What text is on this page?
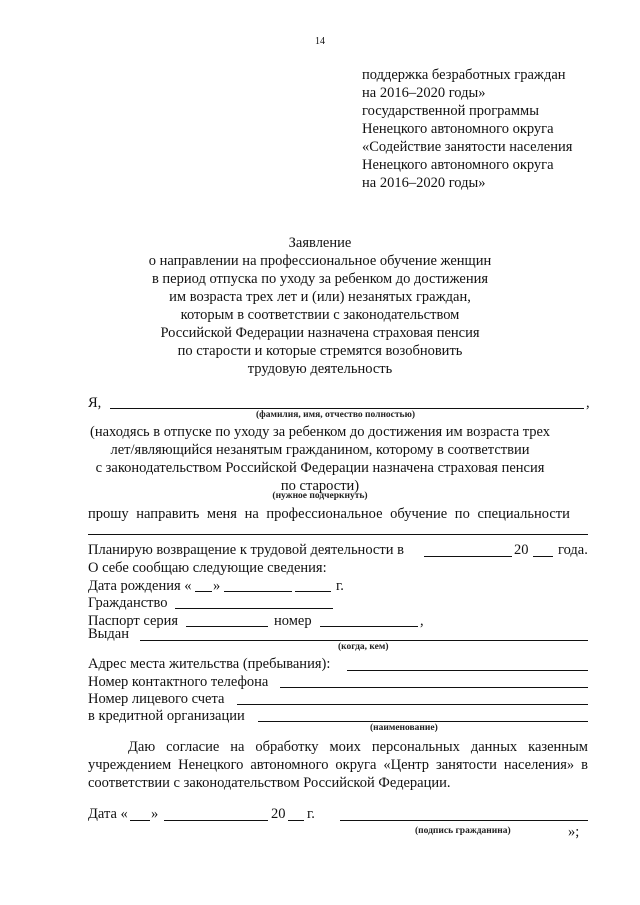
14
поддержка безработных граждан
на 2016–2020 годы»
государственной программы
Ненецкого автономного округа
«Содействие занятости населения
Ненецкого автономного округа
на 2016–2020 годы»
Заявление
о направлении на профессиональное обучение женщин
в период отпуска по уходу за ребенком до достижения
им возраста трех лет и (или) незанятых граждан,
которым в соответствии с законодательством
Российской Федерации назначена страховая пенсия
по старости и которые стремятся возобновить
трудовую деятельность
Я,	,
(фамилия, имя, отчество полностью)
(находясь в отпуске по уходу за ребенком до достижения им возраста трех
лет/являющийся незанятым гражданином, которому в соответствии
с законодательством Российской Федерации назначена страховая пенсия
по старости)
(нужное подчеркнуть)
прошу направить меня на профессиональное обучение по специальности
Планирую возвращение к трудовой деятельности в	20 года.
О себе сообщаю следующие сведения:
Дата рождения « »	г.
Гражданство
Паспорт серия	номер	,
Выдан
(когда, кем)
Адрес места жительства (пребывания):
Номер контактного телефона
Номер лицевого счета
в кредитной организации
(наименование)
Даю согласие на обработку моих персональных данных казенным учреждением Ненецкого автономного округа «Центр занятости населения» в соответствии с законодательством Российской Федерации.
Дата « »	20 г.
(подпись гражданина)	»;
